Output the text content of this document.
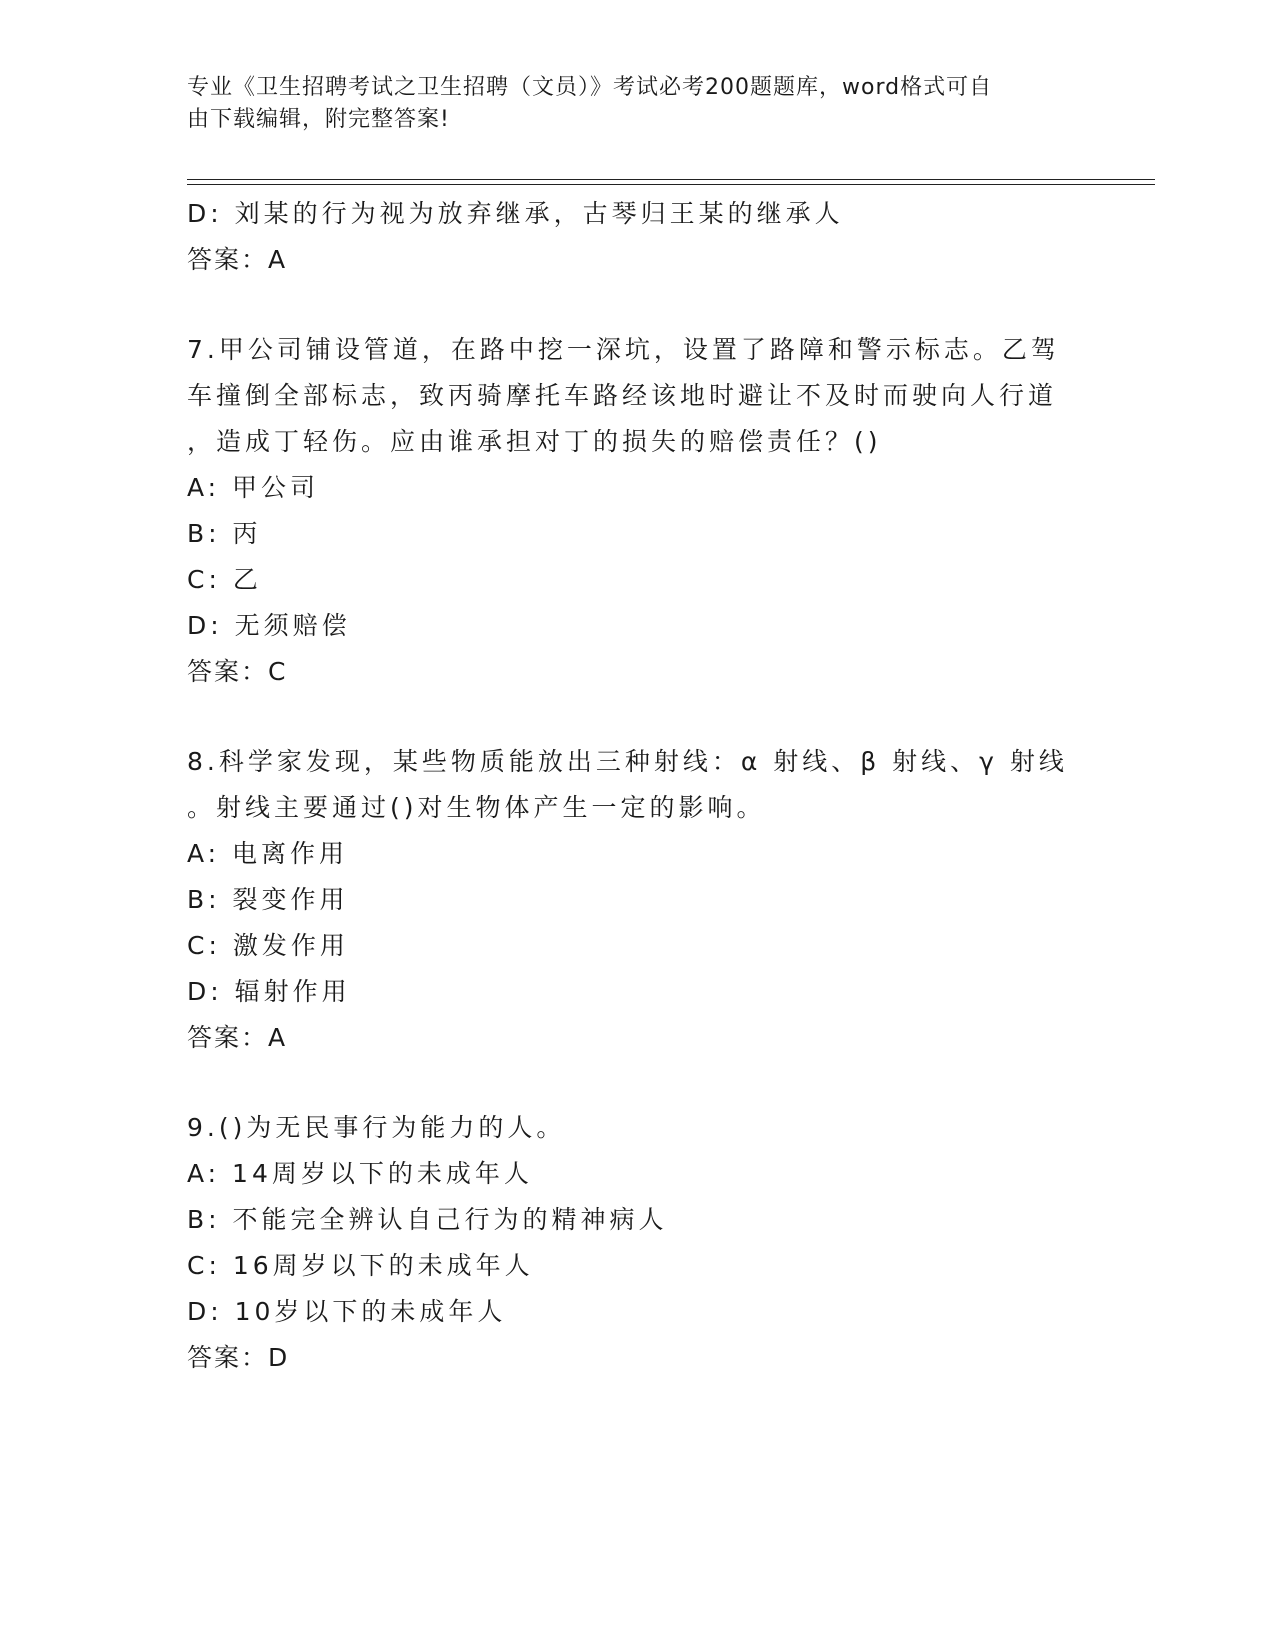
专业《卫生招聘考试之卫生招聘（文员）》考试必考200题题库，word格式可自
由下载编辑，附完整答案!
D: 刘某的行为视为放弃继承，古琴归王某的继承人
答案：A
7.甲公司铺设管道，在路中挖一深坑，设置了路障和警示标志。乙驾
车撞倒全部标志，致丙骑摩托车路经该地时避让不及时而驶向人行道
，造成丁轻伤。应由谁承担对丁的损失的赔偿责任？()
A: 甲公司
B: 丙
C: 乙
D: 无须赔偿
答案：C
8.科学家发现，某些物质能放出三种射线：α 射线、β 射线、γ 射线
。射线主要通过()对生物体产生一定的影响。
A: 电离作用
B: 裂变作用
C: 激发作用
D: 辐射作用
答案：A
9.()为无民事行为能力的人。
A: 14周岁以下的未成年人
B: 不能完全辨认自己行为的精神病人
C: 16周岁以下的未成年人
D: 10岁以下的未成年人
答案：D
